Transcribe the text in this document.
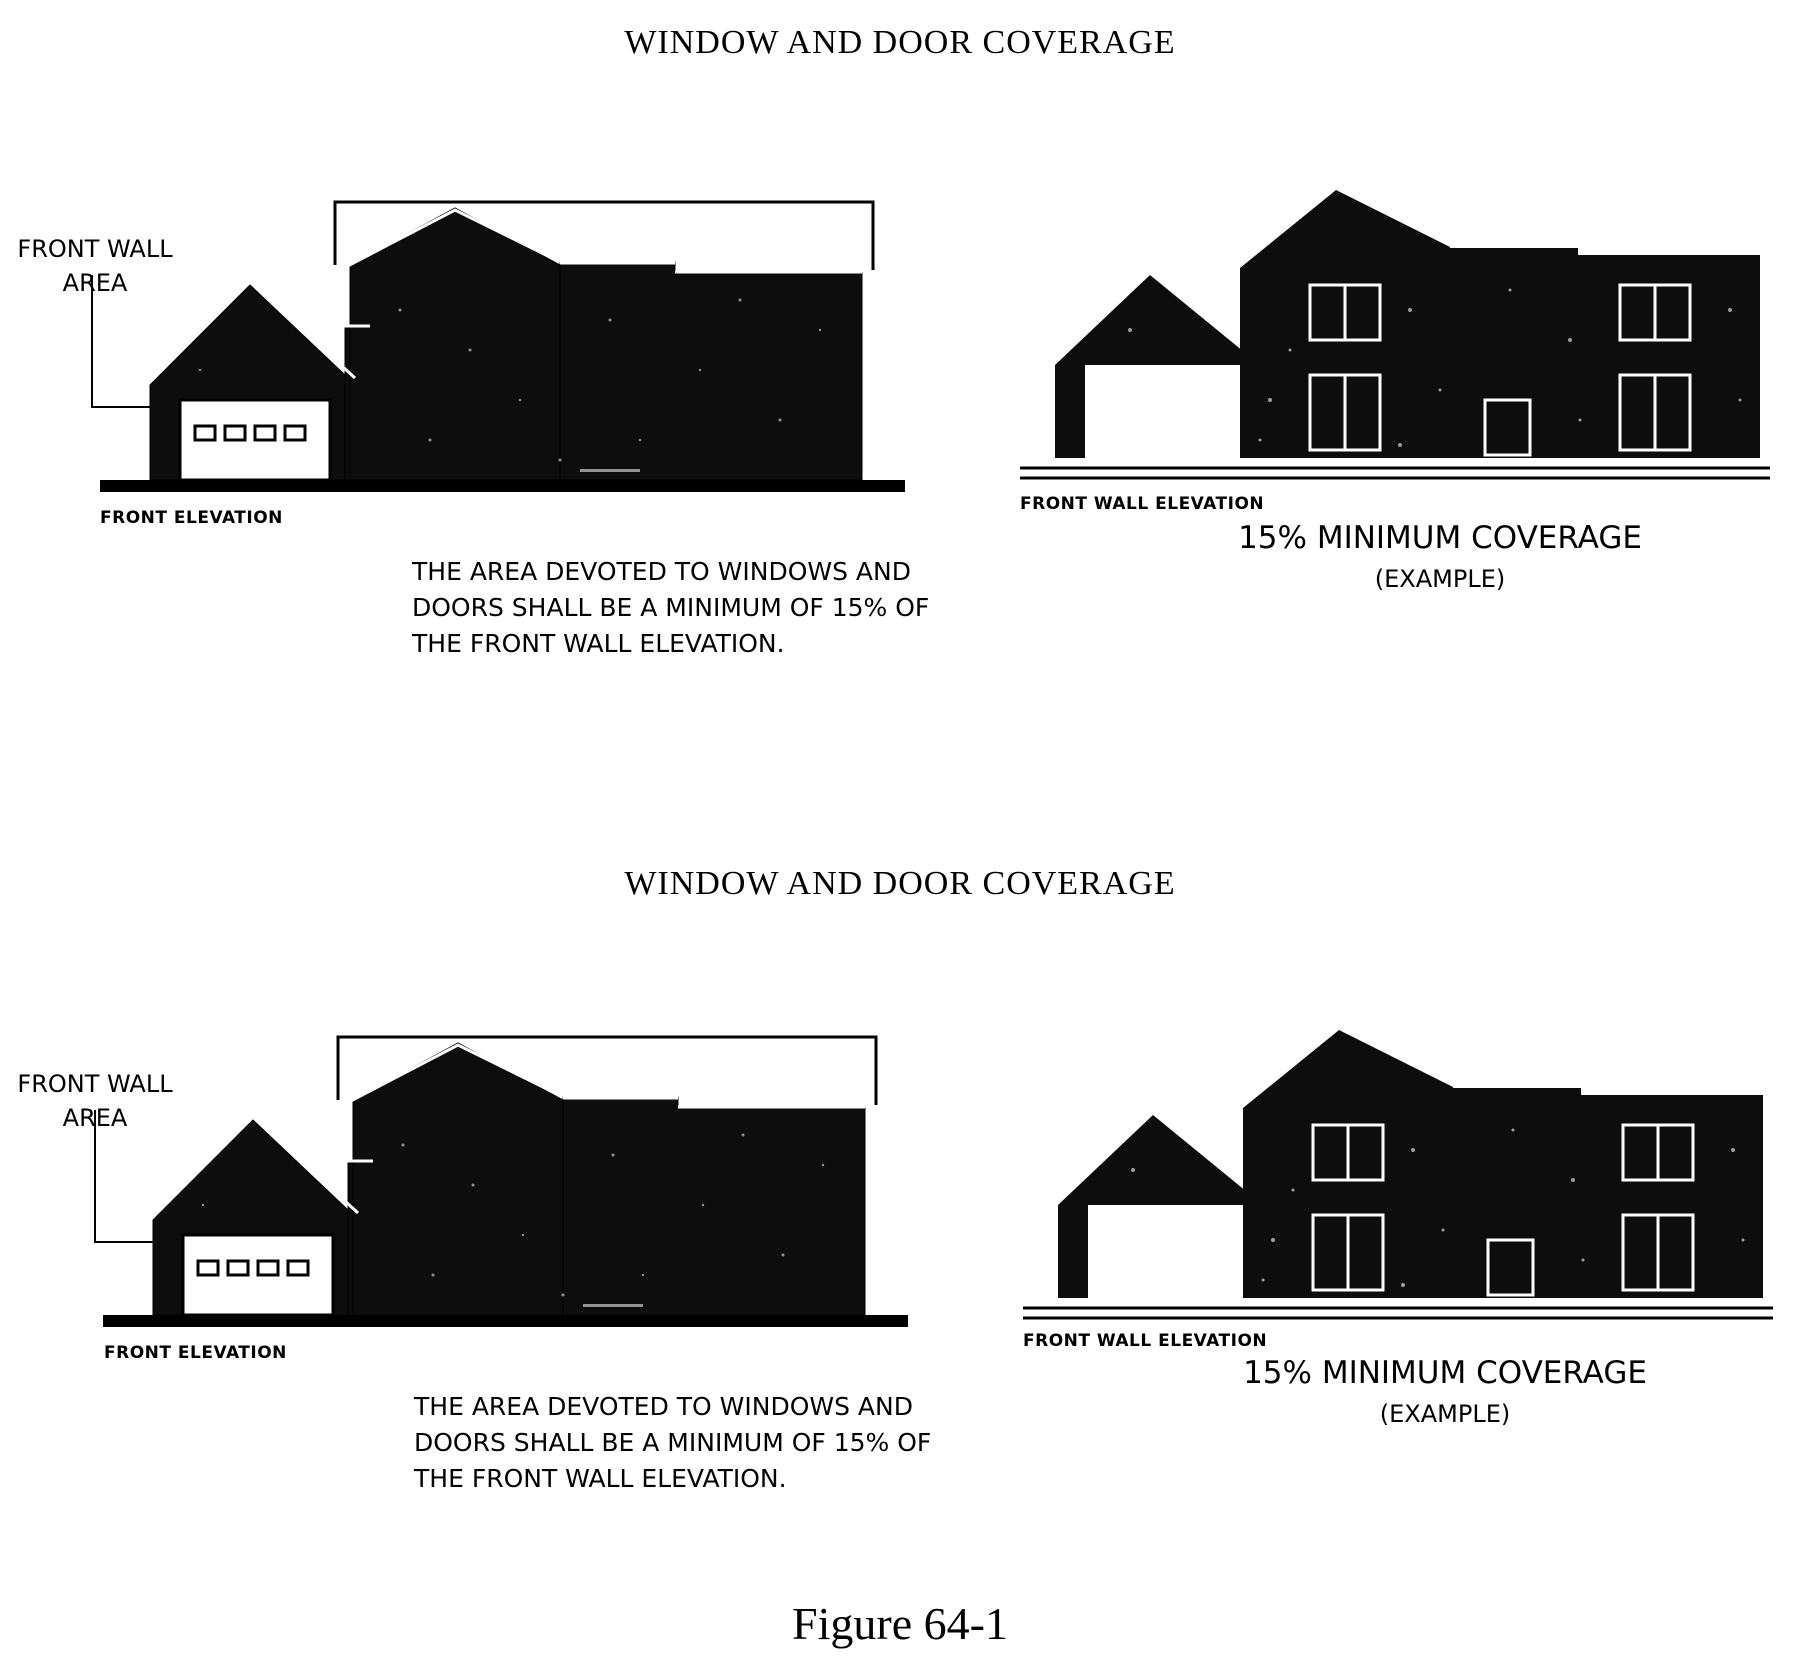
WINDOW AND DOOR COVERAGE
FRONT WALL
AREA
FRONT ELEVATION
THE AREA DEVOTED TO WINDOWS AND DOORS SHALL BE A MINIMUM OF 15% OF THE FRONT WALL ELEVATION.
FRONT WALL ELEVATION
15% MINIMUM COVERAGE
(EXAMPLE)
WINDOW AND DOOR COVERAGE
FRONT WALL
AREA
FRONT ELEVATION
THE AREA DEVOTED TO WINDOWS AND DOORS SHALL BE A MINIMUM OF 15% OF THE FRONT WALL ELEVATION.
FRONT WALL ELEVATION
15% MINIMUM COVERAGE
(EXAMPLE)

Figure 64-1
